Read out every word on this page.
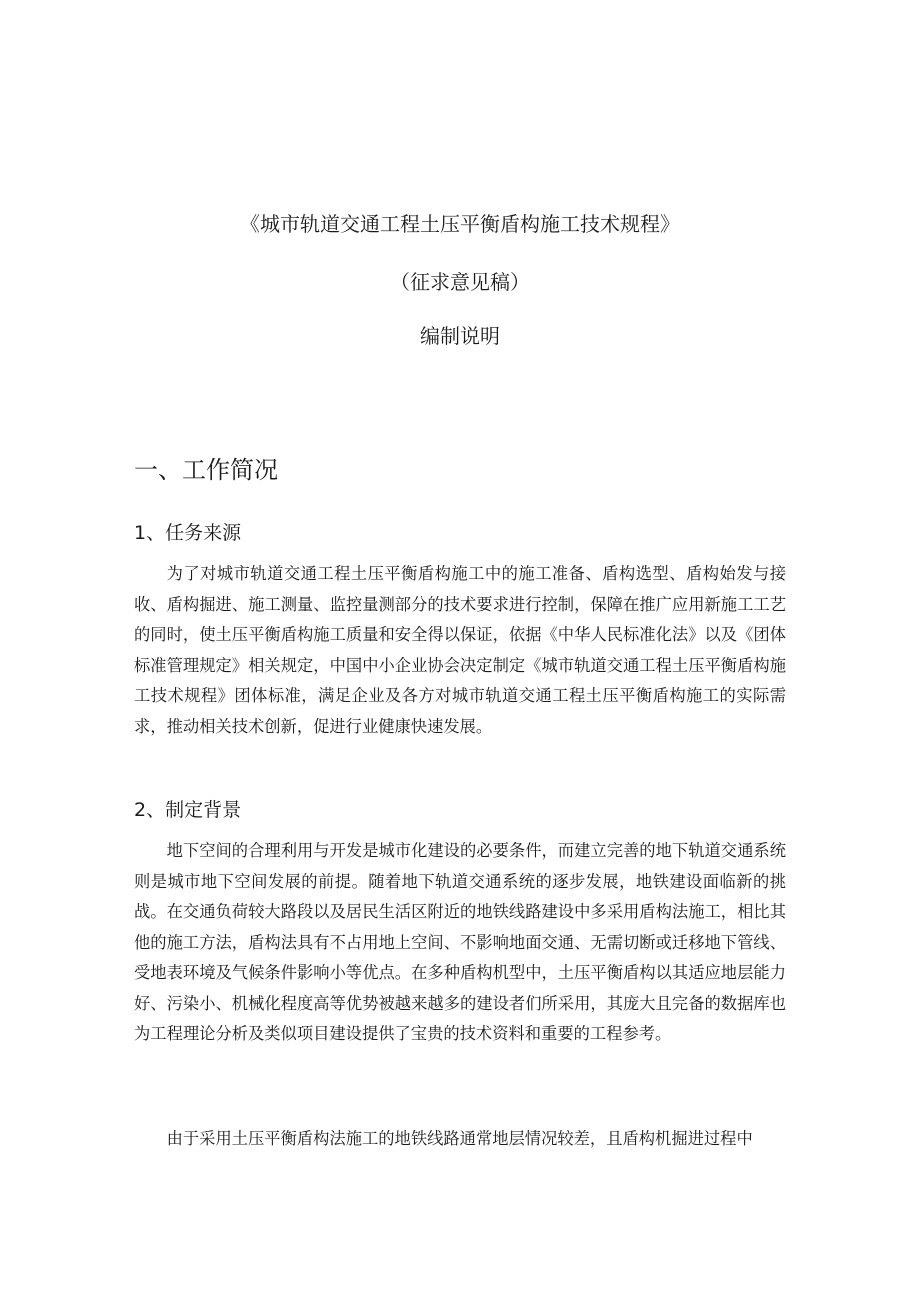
《城市轨道交通工程土压平衡盾构施工技术规程》
（征求意见稿）
编制说明
一、工作简况
1、任务来源

为了对城市轨道交通工程土压平衡盾构施工中的施工准备、盾构选型、盾构始发与接收、盾构掘进、施工测量、监控量测部分的技术要求进行控制，保障在推广应用新施工工艺的同时，使土压平衡盾构施工质量和安全得以保证，依据《中华人民标准化法》以及《团体标准管理规定》相关规定，中国中小企业协会决定制定《城市轨道交通工程土压平衡盾构施工技术规程》团体标准，满足企业及各方对城市轨道交通工程土压平衡盾构施工的实际需求，推动相关技术创新，促进行业健康快速发展。

2、制定背景

地下空间的合理利用与开发是城市化建设的必要条件，而建立完善的地下轨道交通系统则是城市地下空间发展的前提。随着地下轨道交通系统的逐步发展，地铁建设面临新的挑战。在交通负荷较大路段以及居民生活区附近的地铁线路建设中多采用盾构法施工，相比其他的施工方法，盾构法具有不占用地上空间、不影响地面交通、无需切断或迁移地下管线、受地表环境及气候条件影响小等优点。在多种盾构机型中，土压平衡盾构以其适应地层能力好、污染小、机械化程度高等优势被越来越多的建设者们所采用，其庞大且完备的数据库也为工程理论分析及类似项目建设提供了宝贵的技术资料和重要的工程参考。

由于采用土压平衡盾构法施工的地铁线路通常地层情况较差，且盾构机掘进过程中
